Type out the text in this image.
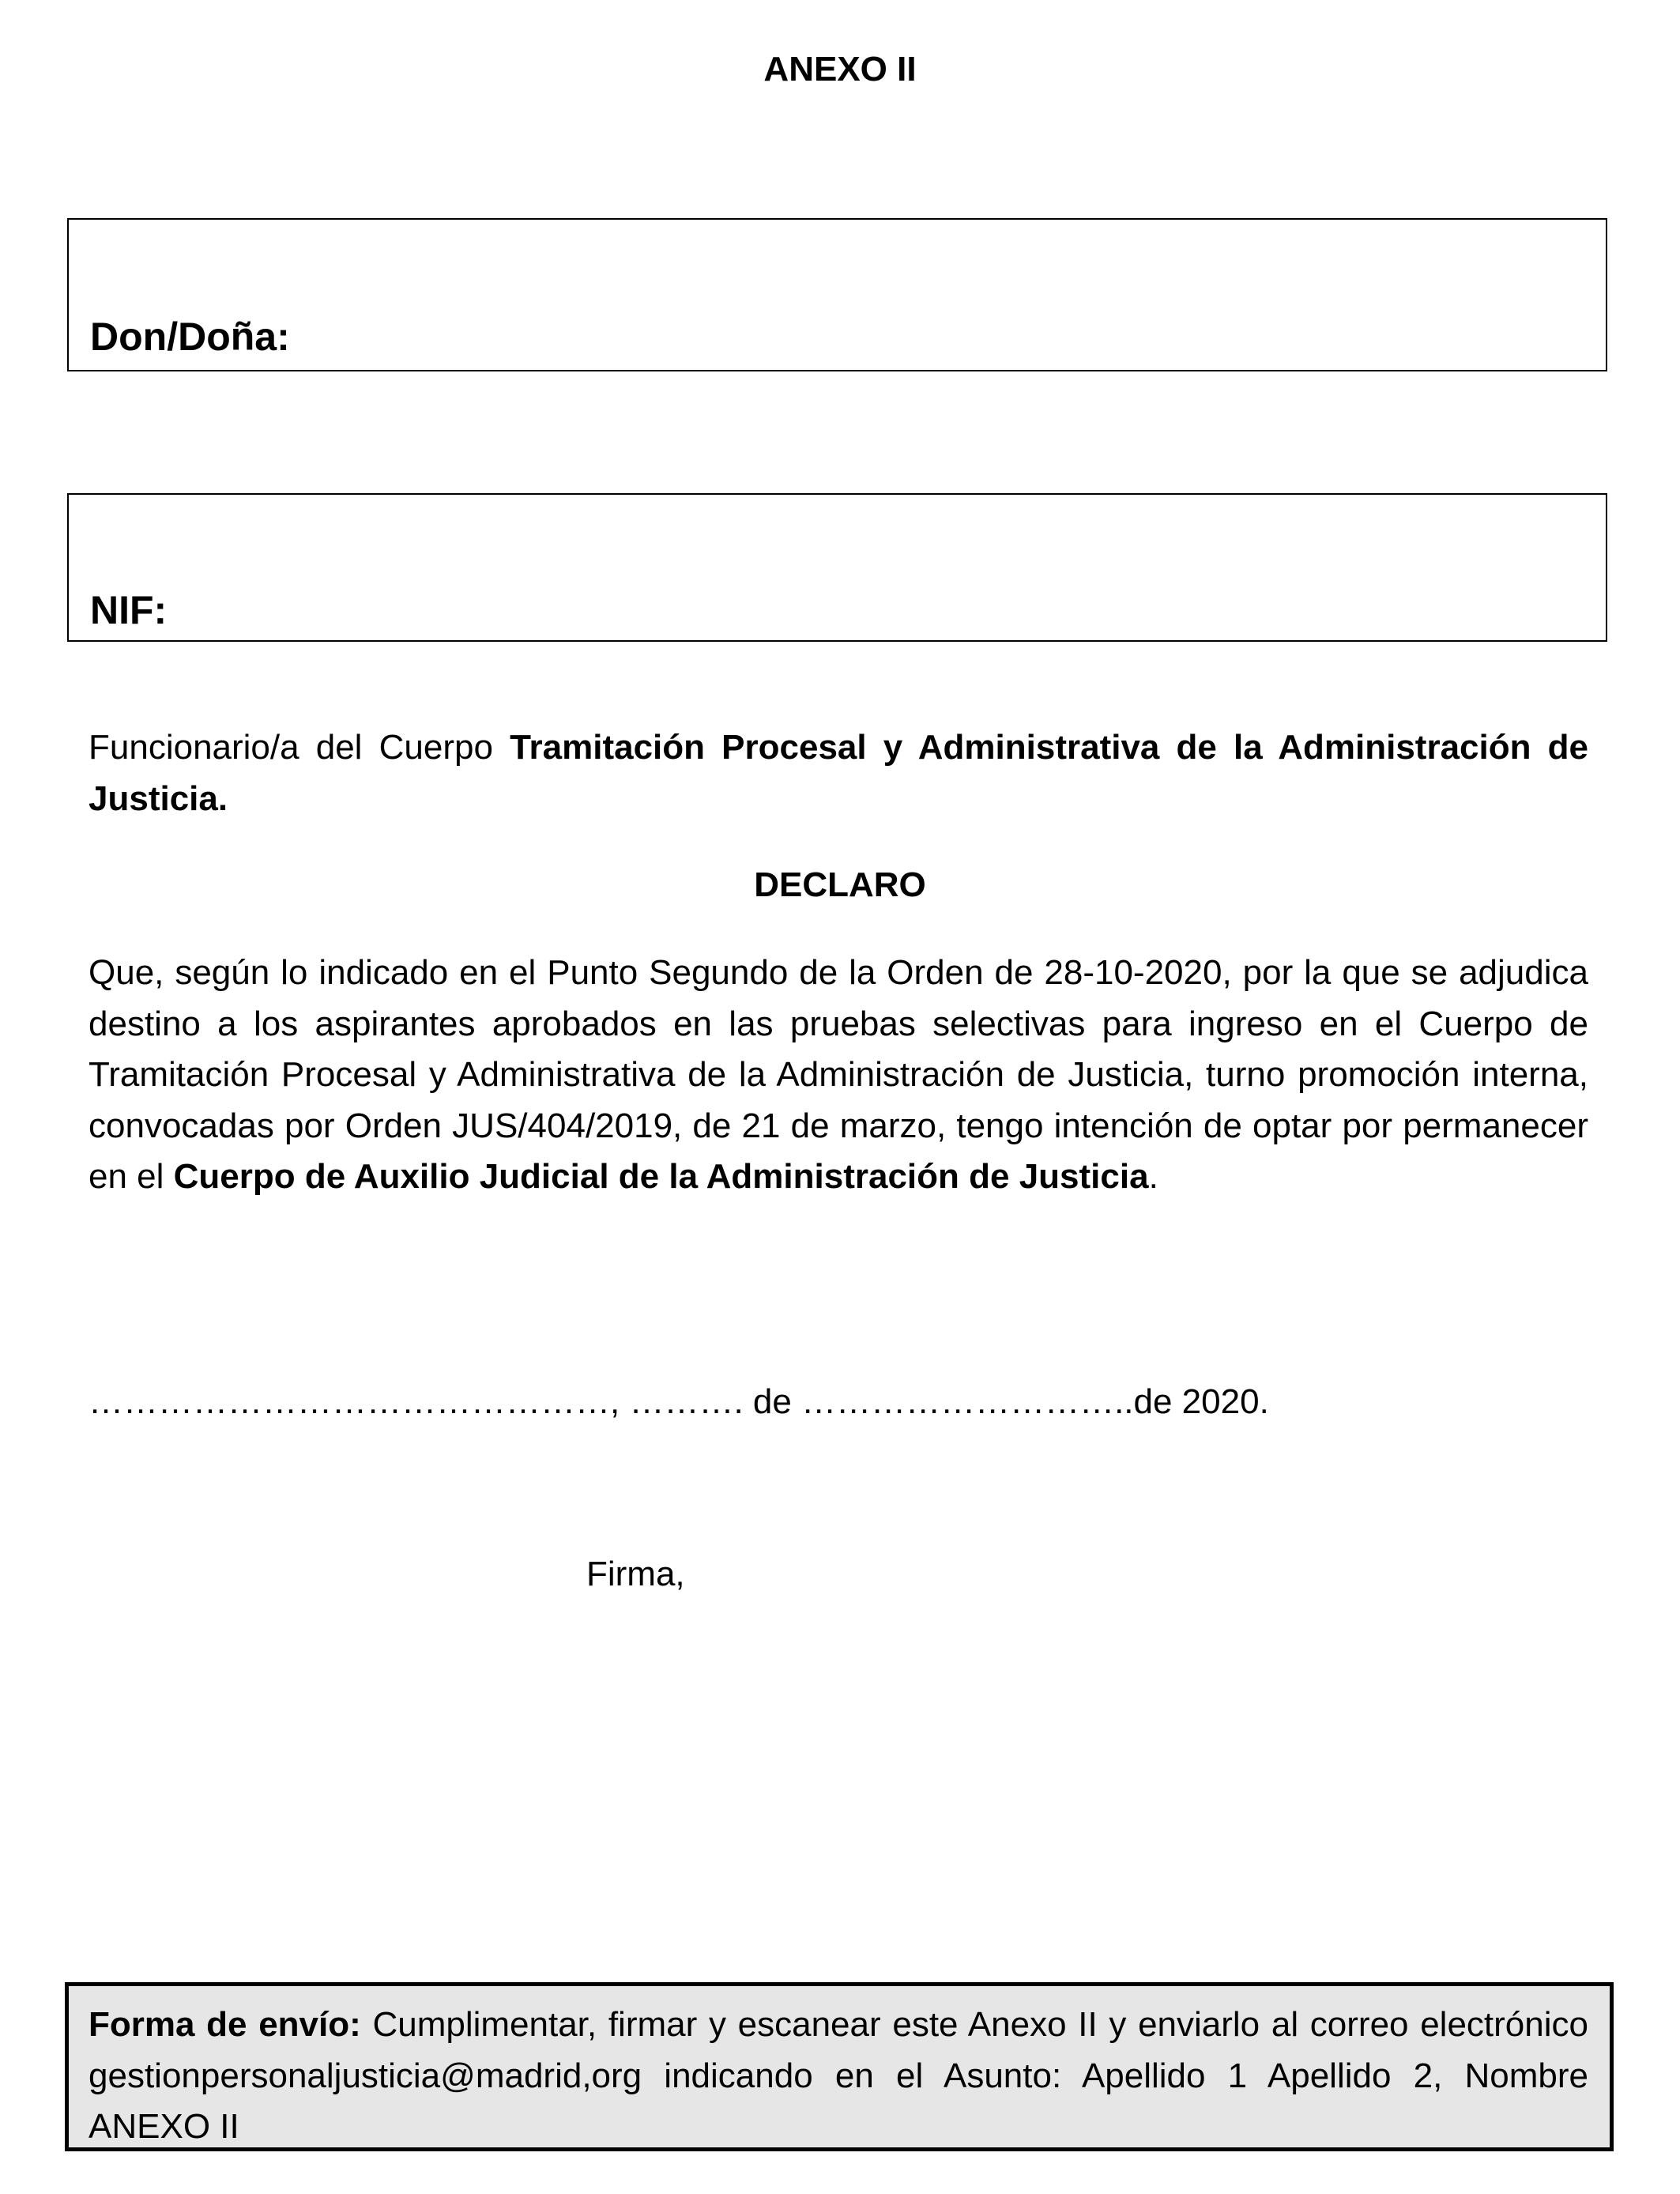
ANEXO II
Don/Doña:
NIF:
Funcionario/a del Cuerpo Tramitación Procesal y Administrativa de la Administración de Justicia.
DECLARO
Que, según lo indicado en el Punto Segundo de la Orden de 28-10-2020, por la que se adjudica destino a los aspirantes aprobados en las pruebas selectivas para ingreso en el Cuerpo de Tramitación Procesal y Administrativa de la Administración de Justicia, turno promoción interna, convocadas por Orden JUS/404/2019, de 21 de marzo, tengo intención de optar por permanecer en el Cuerpo de Auxilio Judicial de la Administración de Justicia.
………………………………………, ………. de ………………………..de 2020.
Firma,
Forma de envío: Cumplimentar, firmar y escanear este Anexo II y enviarlo al correo electrónico gestionpersonaljusticia@madrid,org indicando en el Asunto: Apellido 1 Apellido 2, Nombre ANEXO II
